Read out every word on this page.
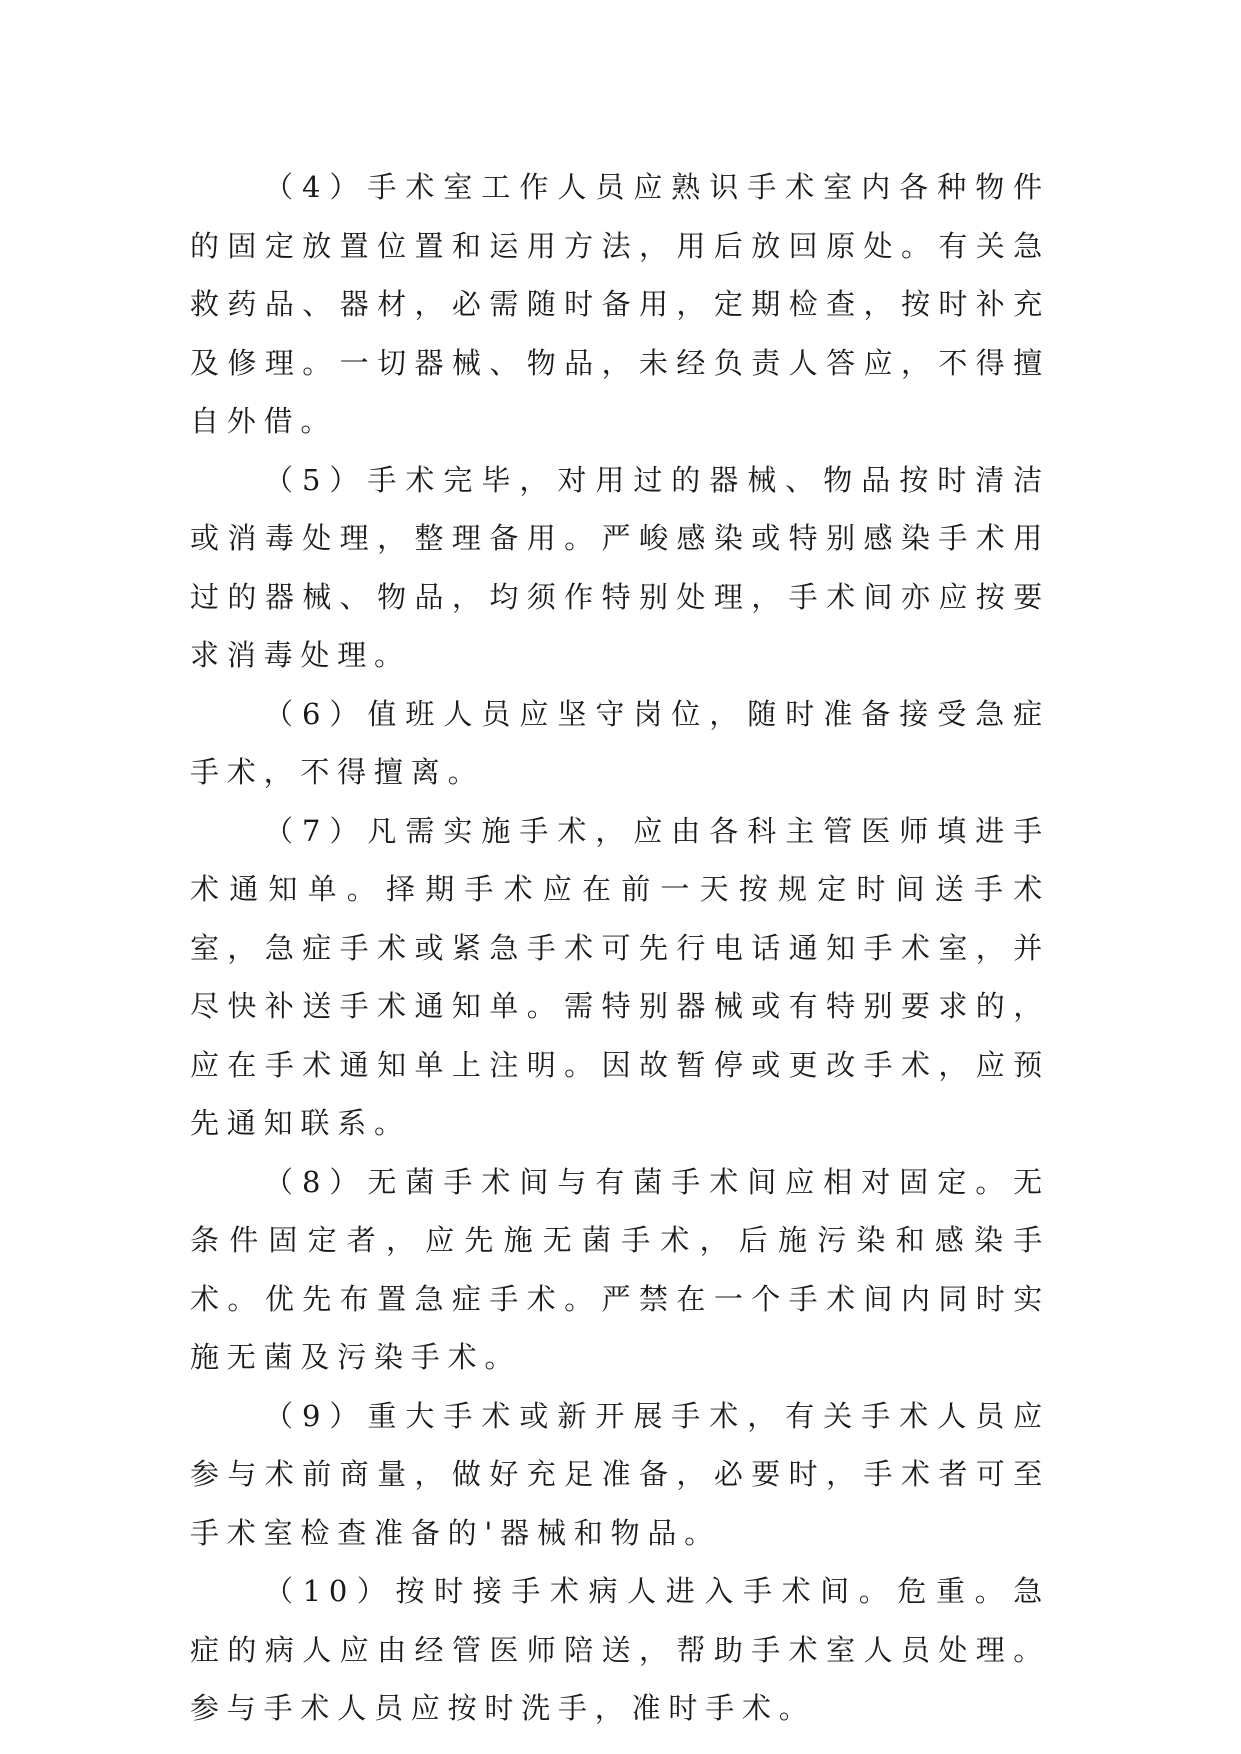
（4）手术室工作人员应熟识手术室内各种物件的固定放置位置和运用方法，用后放回原处。有关急救药品、器材，必需随时备用，定期检查，按时补充及修理。一切器械、物品，未经负责人答应，不得擅自外借。

（5）手术完毕，对用过的器械、物品按时清洁或消毒处理，整理备用。严峻感染或特别感染手术用过的器械、物品，均须作特别处理，手术间亦应按要求消毒处理。

（6）值班人员应坚守岗位，随时准备接受急症手术，不得擅离。

（7）凡需实施手术，应由各科主管医师填进手术通知单。择期手术应在前一天按规定时间送手术室，急症手术或紧急手术可先行电话通知手术室，并尽快补送手术通知单。需特别器械或有特别要求的，应在手术通知单上注明。因故暂停或更改手术，应预先通知联系。

（8）无菌手术间与有菌手术间应相对固定。无条件固定者，应先施无菌手术，后施污染和感染手术。优先布置急症手术。严禁在一个手术间内同时实施无菌及污染手术。

（9）重大手术或新开展手术，有关手术人员应参与术前商量，做好充足准备，必要时，手术者可至手术室检查准备的'器械和物品。

（10）按时接手术病人进入手术间。危重。急症的病人应由经管医师陪送，帮助手术室人员处理。参与手术人员应按时洗手，准时手术。
